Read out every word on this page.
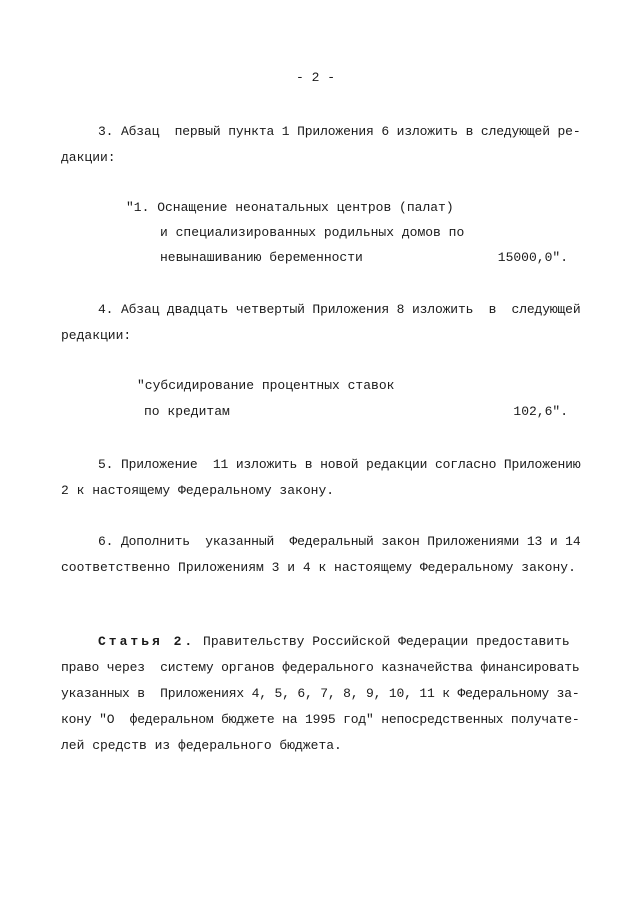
- 2 -
3. Абзац  первый пункта 1 Приложения 6 изложить в следующей ре-
дакции:
"1. Оснащение неонатальных центров (палат)
и специализированных родильных домов по
невынашиванию беременности	15000,0".
4. Абзац двадцать четвертый Приложения 8 изложить  в  следующей
редакции:
"субсидирование процентных ставок
по кредитам	102,6".
5. Приложение  11 изложить в новой редакции согласно Приложению
2 к настоящему Федеральному закону.
6. Дополнить  указанный  Федеральный закон Приложениями 13 и 14
соответственно Приложениям 3 и 4 к настоящему Федеральному закону.
Статья 2. Правительству Российской Федерации предоставить
право через  систему органов федерального казначейства финансировать
указанных в  Приложениях 4, 5, 6, 7, 8, 9, 10, 11 к Федеральному за-
кону "О  федеральном бюджете на 1995 год" непосредственных получате-
лей средств из федерального бюджета.
